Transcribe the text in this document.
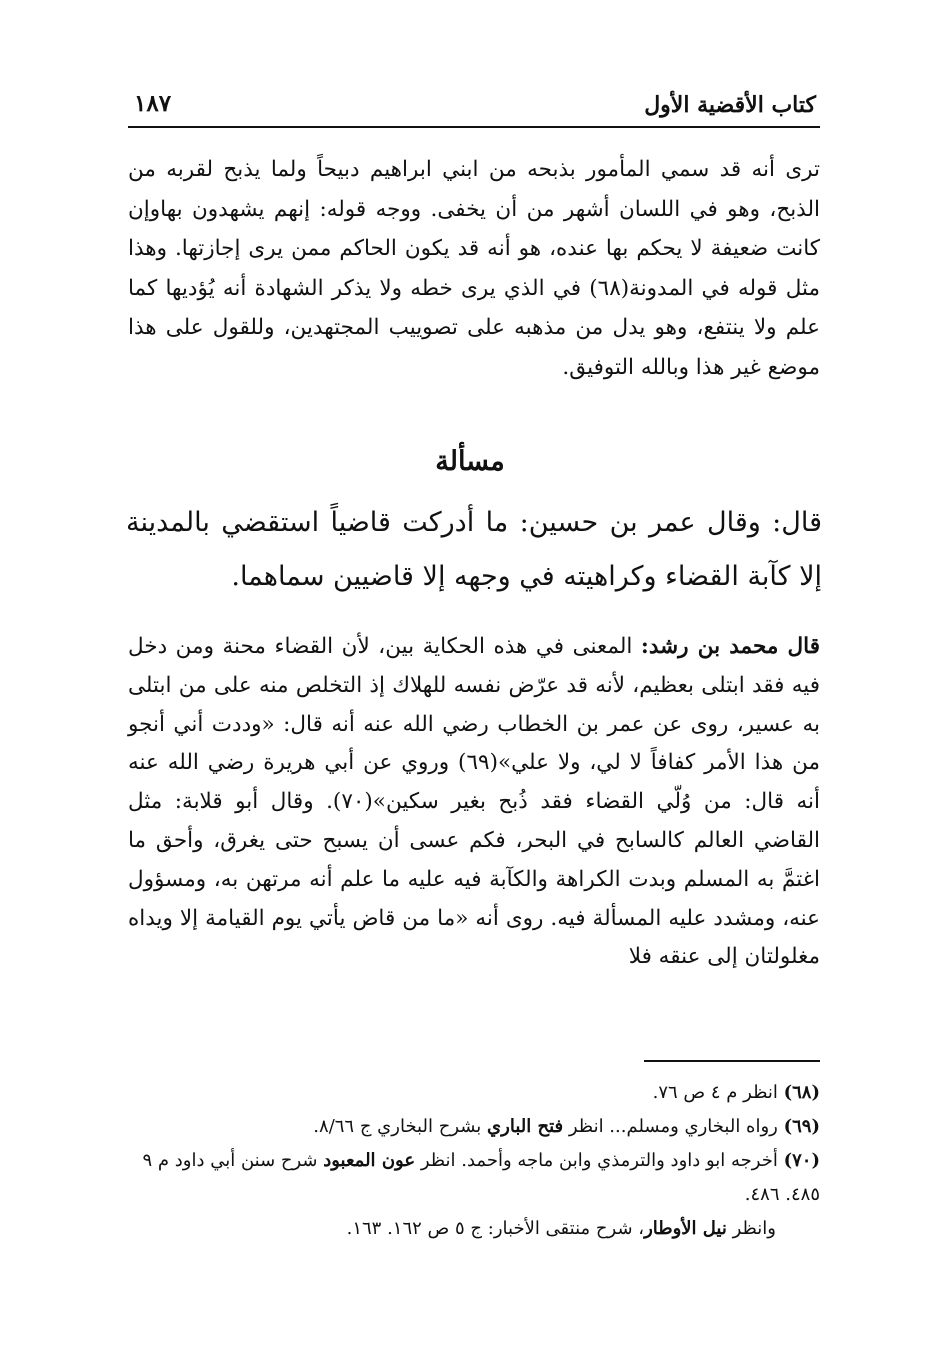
كتاب الأقضية الأول
١٨٧
ترى أنه قد سمي المأمور بذبحه من ابني ابراهيم دبيحاً ولما يذبح لقربه من الذبح، وهو في اللسان أشهر من أن يخفى. ووجه قوله: إنهم يشهدون بهاوإن كانت ضعيفة لا يحكم بها عنده، هو أنه قد يكون الحاكم ممن يرى إجازتها. وهذا مثل قوله في المدونة(٦٨) في الذي يرى خطه ولا يذكر الشهادة أنه يُؤديها كما علم ولا ينتفع، وهو يدل من مذهبه على تصوييب المجتهدين، وللقول على هذا موضع غير هذا وبالله التوفيق.
مسألة
قال: وقال عمر بن حسين: ما أدركت قاضياً استقضي بالمدينة إلا كآبة القضاء وكراهيته في وجهه إلا قاضيين سماهما.
قال محمد بن رشد: المعنى في هذه الحكاية بين، لأن القضاء محنة ومن دخل فيه فقد ابتلى بعظيم، لأنه قد عرّض نفسه للهلاك إذ التخلص منه على من ابتلى به عسير، روى عن عمر بن الخطاب رضي الله عنه أنه قال: «وددت أني أنجو من هذا الأمر كفافاً لا لي، ولا علي»(٦٩) وروي عن أبي هريرة رضي الله عنه أنه قال: من وُلّي القضاء فقد ذُبح بغير سكين»(٧٠). وقال أبو قلابة: مثل القاضي العالم كالسابح في البحر، فكم عسى أن يسبح حتى يغرق، وأحق ما اغتمَّ به المسلم وبدت الكراهة والكآبة فيه عليه ما علم أنه مرتهن به، ومسؤول عنه، ومشدد عليه المسألة فيه. روى أنه «ما من قاض يأتي يوم القيامة إلا ويداه مغلولتان إلى عنقه فلا
(٦٨) انظر م ٤ ص ٧٦.
(٦٩) رواه البخاري ومسلم... انظر فتح الباري بشرح البخاري ج ٨/٦٦.
(٧٠) أخرجه ابو داود والترمذي وابن ماجه وأحمد. انظر عون المعبود شرح سنن أبي داود م ٩ ٤٨٥. ٤٨٦.
وانظر نيل الأوطار، شرح منتقى الأخبار: ج ٥ ص ١٦٢. ١٦٣.
